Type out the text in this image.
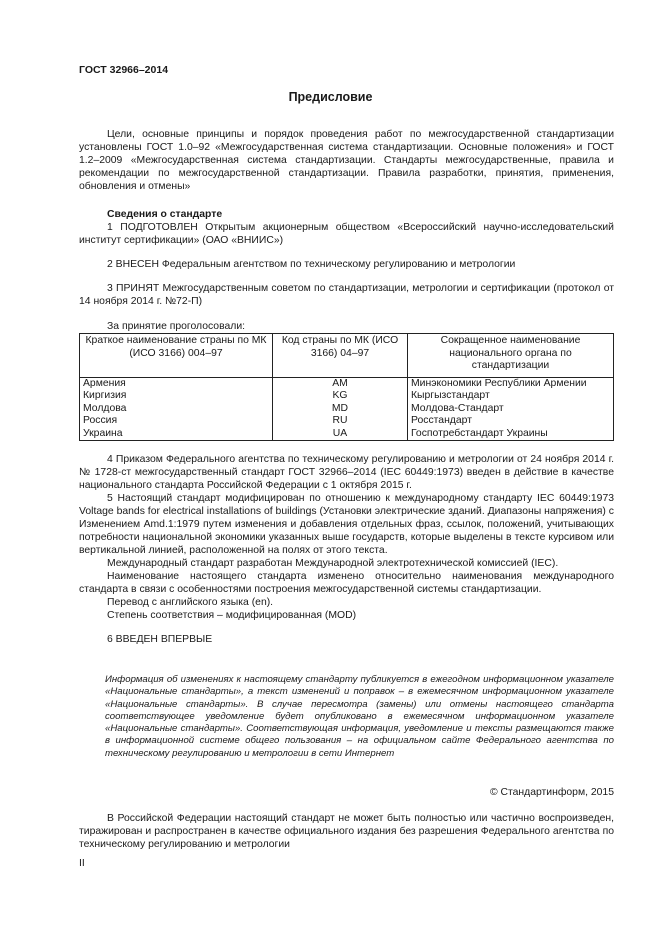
ГОСТ 32966–2014
Предисловие

Цели, основные принципы и порядок проведения работ по межгосударственной стандартизации установлены ГОСТ 1.0–92 «Межгосударственная система стандартизации. Основные положения» и ГОСТ 1.2–2009 «Межгосударственная система стандартизации. Стандарты межгосударственные, правила и рекомендации по межгосударственной стандартизации. Правила разработки, принятия, применения, обновления и отмены»

Сведения о стандарте

1 ПОДГОТОВЛЕН Открытым акционерным обществом «Всероссийский научно-исследовательский институт сертификации» (ОАО «ВНИИС»)

2 ВНЕСЕН Федеральным агентством по техническому регулированию и метрологии

3 ПРИНЯТ Межгосударственным советом по стандартизации, метрологии и сертификации (протокол от 14 ноября 2014 г. №72-П)

За принятие проголосовали:

Краткое наименование страны по МК (ИСО 3166) 004–97	Код страны по МК (ИСО 3166) 04–97	Сокращенное наименование национального органа по стандартизации
Армения	AM	Минэкономики Республики Армении
Киргизия	KG	Кыргызстандарт
Молдова	MD	Молдова-Стандарт
Россия	RU	Росстандарт
Украина	UA	Госпотребстандарт Украины

4 Приказом Федерального агентства по техническому регулированию и метрологии от 24 ноября 2014 г. № 1728-ст межгосударственный стандарт ГОСТ 32966–2014 (IEC 60449:1973) введен в действие в качестве национального стандарта Российской Федерации с 1 октября 2015 г.

5 Настоящий стандарт модифицирован по отношению к международному стандарту IEC 60449:1973 Voltage bands for electrical installations of buildings (Установки электрические зданий. Диапазоны напряжения) с Изменением Amd.1:1979 путем изменения и добавления отдельных фраз, ссылок, положений, учитывающих потребности национальной экономики указанных выше государств, которые выделены в тексте курсивом или вертикальной линией, расположенной на полях от этого текста.

Международный стандарт разработан Международной электротехнической комиссией (IEC).

Наименование настоящего стандарта изменено относительно наименования международного стандарта в связи с особенностями построения межгосударственной системы стандартизации.

Перевод с английского языка (en).

Степень соответствия – модифицированная (MOD)

6 ВВЕДЕН ВПЕРВЫЕ

Информация об изменениях к настоящему стандарту публикуется в ежегодном информационном указателе «Национальные стандарты», а текст изменений и поправок – в ежемесячном информационном указателе «Национальные стандарты». В случае пересмотра (замены) или отмены настоящего стандарта соответствующее уведомление будет опубликовано в ежемесячном информационном указателе «Национальные стандарты». Соответствующая информация, уведомление и тексты размещаются также в информационной системе общего пользования – на официальном сайте Федерального агентства по техническому регулированию и метрологии в сети Интернет

© Стандартинформ, 2015

В Российской Федерации настоящий стандарт не может быть полностью или частично воспроизведен, тиражирован и распространен в качестве официального издания без разрешения Федерального агентства по техническому регулированию и метрологии

II
